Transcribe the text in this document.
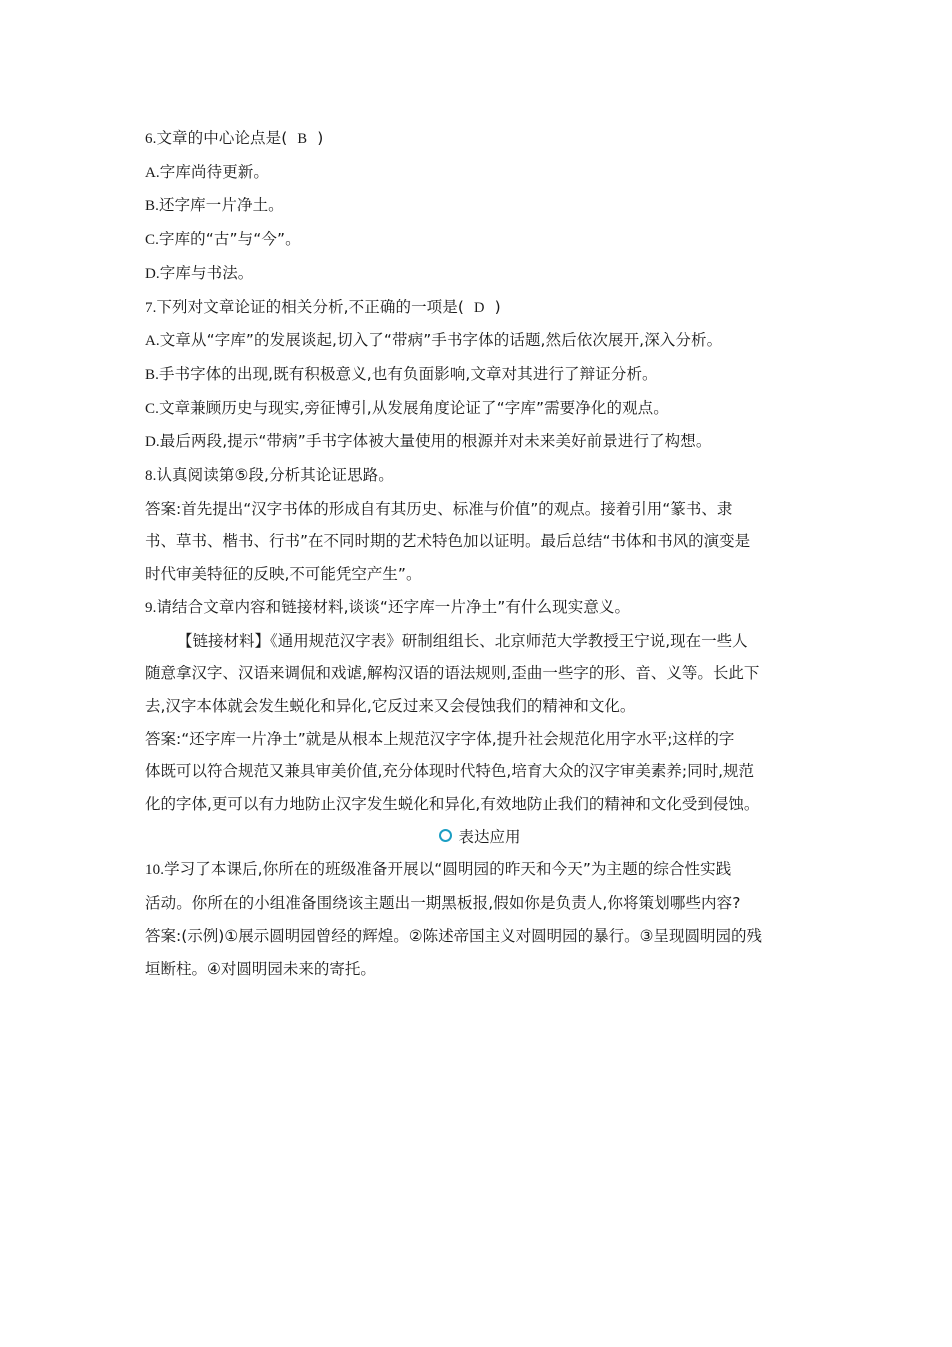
6.文章的中心论点是( B )
A.字库尚待更新。
B.还字库一片净土。
C.字库的“古”与“今”。
D.字库与书法。
7.下列对文章论证的相关分析,不正确的一项是( D )
A.文章从“字库”的发展谈起,切入了“带病”手书字体的话题,然后依次展开,深入分析。
B.手书字体的出现,既有积极意义,也有负面影响,文章对其进行了辩证分析。
C.文章兼顾历史与现实,旁征博引,从发展角度论证了“字库”需要净化的观点。
D.最后两段,提示“带病”手书字体被大量使用的根源并对未来美好前景进行了构想。
8.认真阅读第⑤段,分析其论证思路。
答案:首先提出“汉字书体的形成自有其历史、标准与价值”的观点。接着引用“篆书、隶
书、草书、楷书、行书”在不同时期的艺术特色加以证明。最后总结“书体和书风的演变是
时代审美特征的反映,不可能凭空产生”。
9.请结合文章内容和链接材料,谈谈“还字库一片净土”有什么现实意义。
【链接材料】《通用规范汉字表》研制组组长、北京师范大学教授王宁说,现在一些人
随意拿汉字、汉语来调侃和戏谑,解构汉语的语法规则,歪曲一些字的形、音、义等。长此下
去,汉字本体就会发生蜕化和异化,它反过来又会侵蚀我们的精神和文化。
答案:“还字库一片净土”就是从根本上规范汉字字体,提升社会规范化用字水平;这样的字
体既可以符合规范又兼具审美价值,充分体现时代特色,培育大众的汉字审美素养;同时,规范
化的字体,更可以有力地防止汉字发生蜕化和异化,有效地防止我们的精神和文化受到侵蚀。
表达应用
10.学习了本课后,你所在的班级准备开展以“圆明园的昨天和今天”为主题的综合性实践
活动。你所在的小组准备围绕该主题出一期黑板报,假如你是负责人,你将策划哪些内容?
答案:(示例)①展示圆明园曾经的辉煌。②陈述帝国主义对圆明园的暴行。③呈现圆明园的残
垣断柱。④对圆明园未来的寄托。
